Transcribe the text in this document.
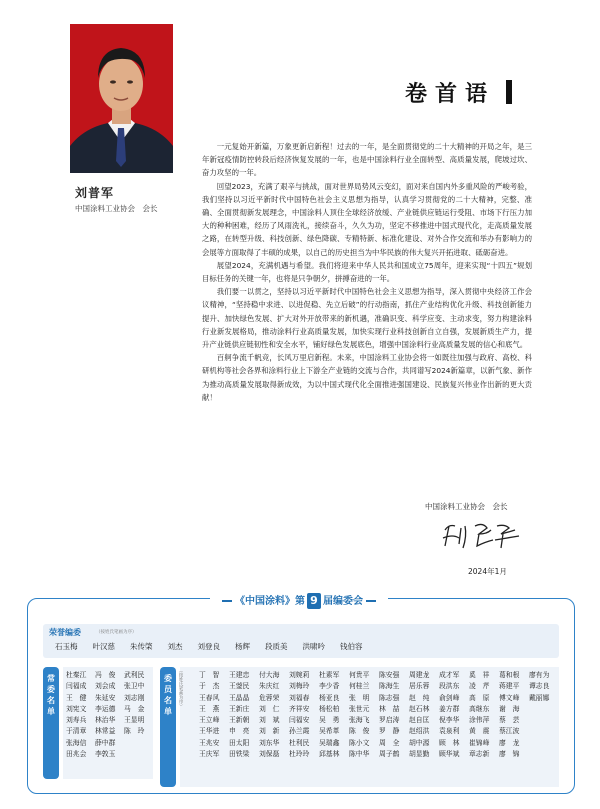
刘普军
中国涂料工业协会　会长
卷首语

一元复始开新篇，万象更新启新程！过去的一年，是全面贯彻党的二十大精神的开局之年，是三年新冠疫情防控转段后经济恢复发展的一年，也是中国涂料行业全面转型、高质量发展，爬坡过坎、奋力攻坚的一年。

回望2023，充满了艰辛与挑战，面对世界局势风云变幻，面对来自国内外多重风险的严峻考验，我们坚持以习近平新时代中国特色社会主义思想为指导，认真学习贯彻党的二十大精神，完整、准确、全面贯彻新发展理念，中国涂料人顶住全球经济放缓、产业链供应链运行受阻、市场下行压力加大的种种困难，经历了风雨洗礼，接续奋斗，久久为功，坚定不移推进中国式现代化，走高质量发展之路，在转型升级、科技创新、绿色降碳、专精特新、标准化建设、对外合作交流和举办有影响力的会展等方面取得了丰硕的成果，以自己的历史担当为中华民族的伟大复兴开拓进取、砥砺奋进。

展望2024，充满机遇与希望。我们将迎来中华人民共和国成立75周年，迎来实现“十四五”规划目标任务的关键一年，也将是只争朝夕，拼搏奋进的一年。

我们要一以贯之，坚持以习近平新时代中国特色社会主义思想为指导，深入贯彻中央经济工作会议精神，“坚持稳中求进、以进促稳、先立后破”的行动指南，抓住产业结构优化升级、科技创新能力提升、加快绿色发展、扩大对外开放带来的新机遇，准确识变、科学应变、主动求变，努力构建涂料行业新发展格局，推动涂料行业高质量发展，加快实现行业科技创新自立自强，发展新质生产力，提升产业链供应链韧性和安全水平，铺好绿色发展底色，增强中国涂料行业高质量发展的信心和底气。

百舸争流千帆竞，长风万里启新程。未来，中国涂料工业协会将一如既往加强与政府、高校、科研机构等社会各界和涂料行业上下游全产业链的交流与合作，共同谱写2024新篇章，以新气象、新作为推动高质量发展取得新成效，为以中国式现代化全面推进强国建设、民族复兴伟业作出新的更大贡献！

中国涂料工业协会　会长
2024年1月
《中国涂料》第 9 届编委会
荣誉编委	（按姓氏笔画为序）
石玉梅 叶汉慈 朱传棨 刘杰 刘登良 杨辉 段质美 洪啸吟 钱伯容
常
委
名
单
委
员
名
单
（按姓氏笔画为序）
杜秦江
闫福成
王　健
刘宪文
刘寿兵
于清章
张海信
田兆会
冯　俊
刘会成
朱延安
李运德
林治华
林常益
薛中群
李敦玉
武利民
张卫中
刘志刚
马　金
王显明
陈　玲

丁　智
于　杰
王春风
王　燕
王立峰
王华进
王兆安
王庆军
王建忠
王蓥民
王晶晶
王新庄
王新朝
申　亮
田太阳
田铁梁
付大海
朱庆红
危蓉荣
刘　仁
刘　斌
刘　新
刘东华
刘保磊
刘婉莉
刘梅玲
刘福春
齐祥安
闫福安
孙兰霞
杜利民
杜玲玲
杜素军
李少香
杨亚良
杨松柏
吴　勇
吴希革
吴瑞鑫
邱基林
何贵平
何桂兰
张　明
张世元
张海飞
陈　俊
陈小文
陈中华
陈安强
陈海生
陈志强
林　喆
罗启涛
罗　静
周　全
周子鹤
周建龙
居乐蓉
赵　纯
赵石林
赵自匡
赵绍洪
胡中源
胡显勤
成才军
段洪东
俞剑峰
姜方群
倪李华
袁泉利
顾　林
顾华斌
奚　祥
凌　芹
高　原
高继东
涂伟萍
黄　震
崔锦峰
章志新
葛和根
蒋建平
傅文峰
谢　海
蔡　芸
蔡江波
廖　龙
廖　锦
廖有为
谭志良
戴丽娜
